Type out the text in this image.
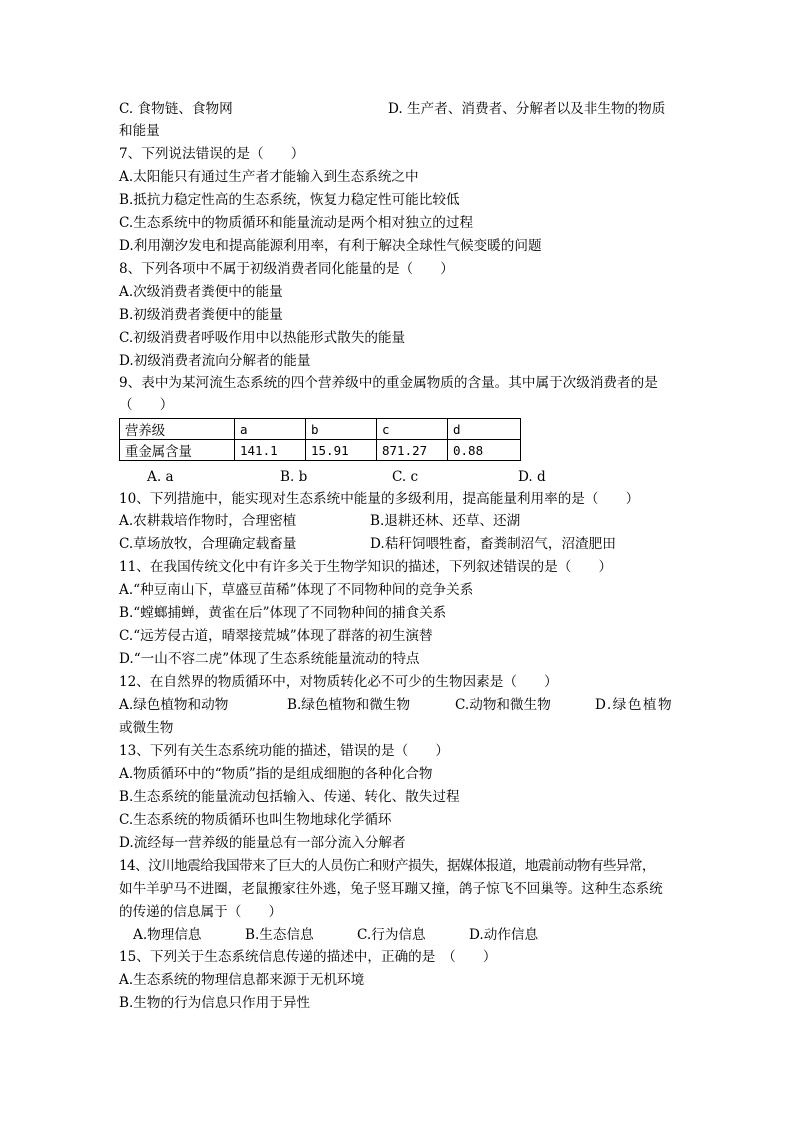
C. 食物链、食物网	D. 生产者、消费者、分解者以及非生物的物质
和能量
7、下列说法错误的是（　　）
A.太阳能只有通过生产者才能输入到生态系统之中
B.抵抗力稳定性高的生态系统，恢复力稳定性可能比较低
C.生态系统中的物质循环和能量流动是两个相对独立的过程
D.利用潮汐发电和提高能源利用率，有利于解决全球性气候变暖的问题
8、下列各项中不属于初级消费者同化能量的是（　　）
A.次级消费者粪便中的能量
B.初级消费者粪便中的能量
C.初级消费者呼吸作用中以热能形式散失的能量
D.初级消费者流向分解者的能量
9、表中为某河流生态系统的四个营养级中的重金属物质的含量。其中属于次级消费者的是
（　　）
营养级	a	b	c	d
重金属含量	141.1	15.91	871.27	0.88
A. a	B. b	C. c	D. d
10、下列措施中，能实现对生态系统中能量的多级利用，提高能量利用率的是（　　）
A.农耕栽培作物时，合理密植	B.退耕还林、还草、还湖
C.草场放牧，合理确定载畜量	D.秸秆饲喂牲畜，畜粪制沼气，沼渣肥田
11、在我国传统文化中有许多关于生物学知识的描述，下列叙述错误的是（　　）
A.“种豆南山下，草盛豆苗稀”体现了不同物种间的竞争关系
B.“螳螂捕蝉，黄雀在后”体现了不同物种间的捕食关系
C.“远芳侵古道，晴翠接荒城”体现了群落的初生演替
D.“一山不容二虎”体现了生态系统能量流动的特点
12、在自然界的物质循环中，对物质转化必不可少的生物因素是（　　）
A.绿色植物和动物	B.绿色植物和微生物	C.动物和微生物	D.绿色植物
或微生物
13、下列有关生态系统功能的描述，错误的是（　　）
A.物质循环中的“物质”指的是组成细胞的各种化合物
B.生态系统的能量流动包括输入、传递、转化、散失过程
C.生态系统的物质循环也叫生物地球化学循环
D.流经每一营养级的能量总有一部分流入分解者
14、汶川地震给我国带来了巨大的人员伤亡和财产损失，据媒体报道，地震前动物有些异常，
如牛羊驴马不进圈，老鼠搬家往外逃，兔子竖耳蹦又撞，鸽子惊飞不回巢等。这种生态系统
的传递的信息属于（　　）
A.物理信息	B.生态信息	C.行为信息	D.动作信息
15、下列关于生态系统信息传递的描述中，正确的是　（　　）
A.生态系统的物理信息都来源于无机环境
B.生物的行为信息只作用于异性
